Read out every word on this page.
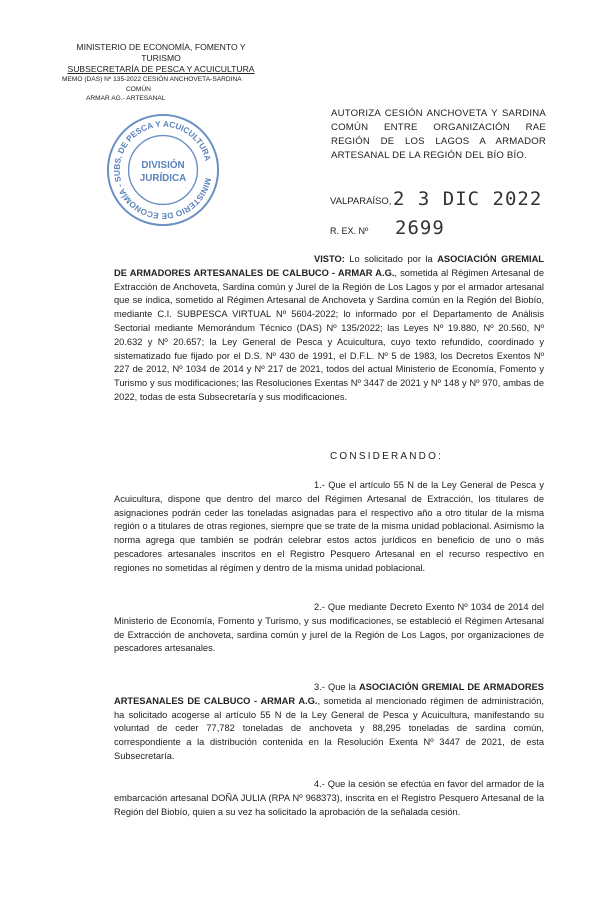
MINISTERIO DE ECONOMÍA, FOMENTO Y TURISMO
SUBSECRETARÍA DE PESCA Y ACUICULTURA
MEMO (DAS) Nº 135-2022 CESIÓN ANCHOVETA-SARDINA
COMÚN
ARMAR AG.- ARTESANAL
AUTORIZA CESIÓN ANCHOVETA Y SARDINA COMÚN ENTRE ORGANIZACIÓN RAE REGIÓN DE LOS LAGOS A ARMADOR ARTESANAL DE LA REGIÓN DEL BÍO BÍO.
MINISTERIO DE ECONOMÍA - SUBS. DE PESCA Y ACUICULTURA
DIVISIÓN
JURÍDICA
VALPARAÍSO, 2 3 DIC 2022
R. EX. Nº 2699
VISTO: Lo solicitado por la ASOCIACIÓN GREMIAL DE ARMADORES ARTESANALES DE CALBUCO - ARMAR A.G., sometida al Régimen Artesanal de Extracción de Anchoveta, Sardina común y Jurel de la Región de Los Lagos y por el armador artesanal que se indica, sometido al Régimen Artesanal de Anchoveta y Sardina común en la Región del Biobío, mediante C.I. SUBPESCA VIRTUAL Nº 5604-2022; lo informado por el Departamento de Análisis Sectorial mediante Memorándum Técnico (DAS) Nº 135/2022; las Leyes Nº 19.880, Nº 20.560, Nº 20.632 y Nº 20.657; la Ley General de Pesca y Acuicultura, cuyo texto refundido, coordinado y sistematizado fue fijado por el D.S. Nº 430 de 1991, el D.F.L. Nº 5 de 1983, los Decretos Exentos Nº 227 de 2012, Nº 1034 de 2014 y Nº 217 de 2021, todos del actual Ministerio de Economía, Fomento y Turismo y sus modificaciones; las Resoluciones Exentas Nº 3447 de 2021 y Nº 148 y Nº 970, ambas de 2022, todas de esta Subsecretaría y sus modificaciones.
CONSIDERANDO:
1.- Que el artículo 55 N de la Ley General de Pesca y Acuicultura, dispone que dentro del marco del Régimen Artesanal de Extracción, los titulares de asignaciones podrán ceder las toneladas asignadas para el respectivo año a otro titular de la misma región o a titulares de otras regiones, siempre que se trate de la misma unidad poblacional. Asimismo la norma agrega que también se podrán celebrar estos actos jurídicos en beneficio de uno o más pescadores artesanales inscritos en el Registro Pesquero Artesanal en el recurso respectivo en regiones no sometidas al régimen y dentro de la misma unidad poblacional.
2.- Que mediante Decreto Exento Nº 1034 de 2014 del Ministerio de Economía, Fomento y Turismo, y sus modificaciones, se estableció el Régimen Artesanal de Extracción de anchoveta, sardina común y jurel de la Región de Los Lagos, por organizaciones de pescadores artesanales.
3.- Que la ASOCIACIÓN GREMIAL DE ARMADORES ARTESANALES DE CALBUCO - ARMAR A.G., sometida al mencionado régimen de administración, ha solicitado acogerse al artículo 55 N de la Ley General de Pesca y Acuicultura, manifestando su voluntad de ceder 77,782 toneladas de anchoveta y 88,295 toneladas de sardina común, correspondiente a la distribución contenida en la Resolución Exenta Nº 3447 de 2021, de esta Subsecretaría.
4.- Que la cesión se efectúa en favor del armador de la embarcación artesanal DOÑA JULIA (RPA Nº 968373), inscrita en el Registro Pesquero Artesanal de la Región del Biobío, quien a su vez ha solicitado la aprobación de la señalada cesión.
